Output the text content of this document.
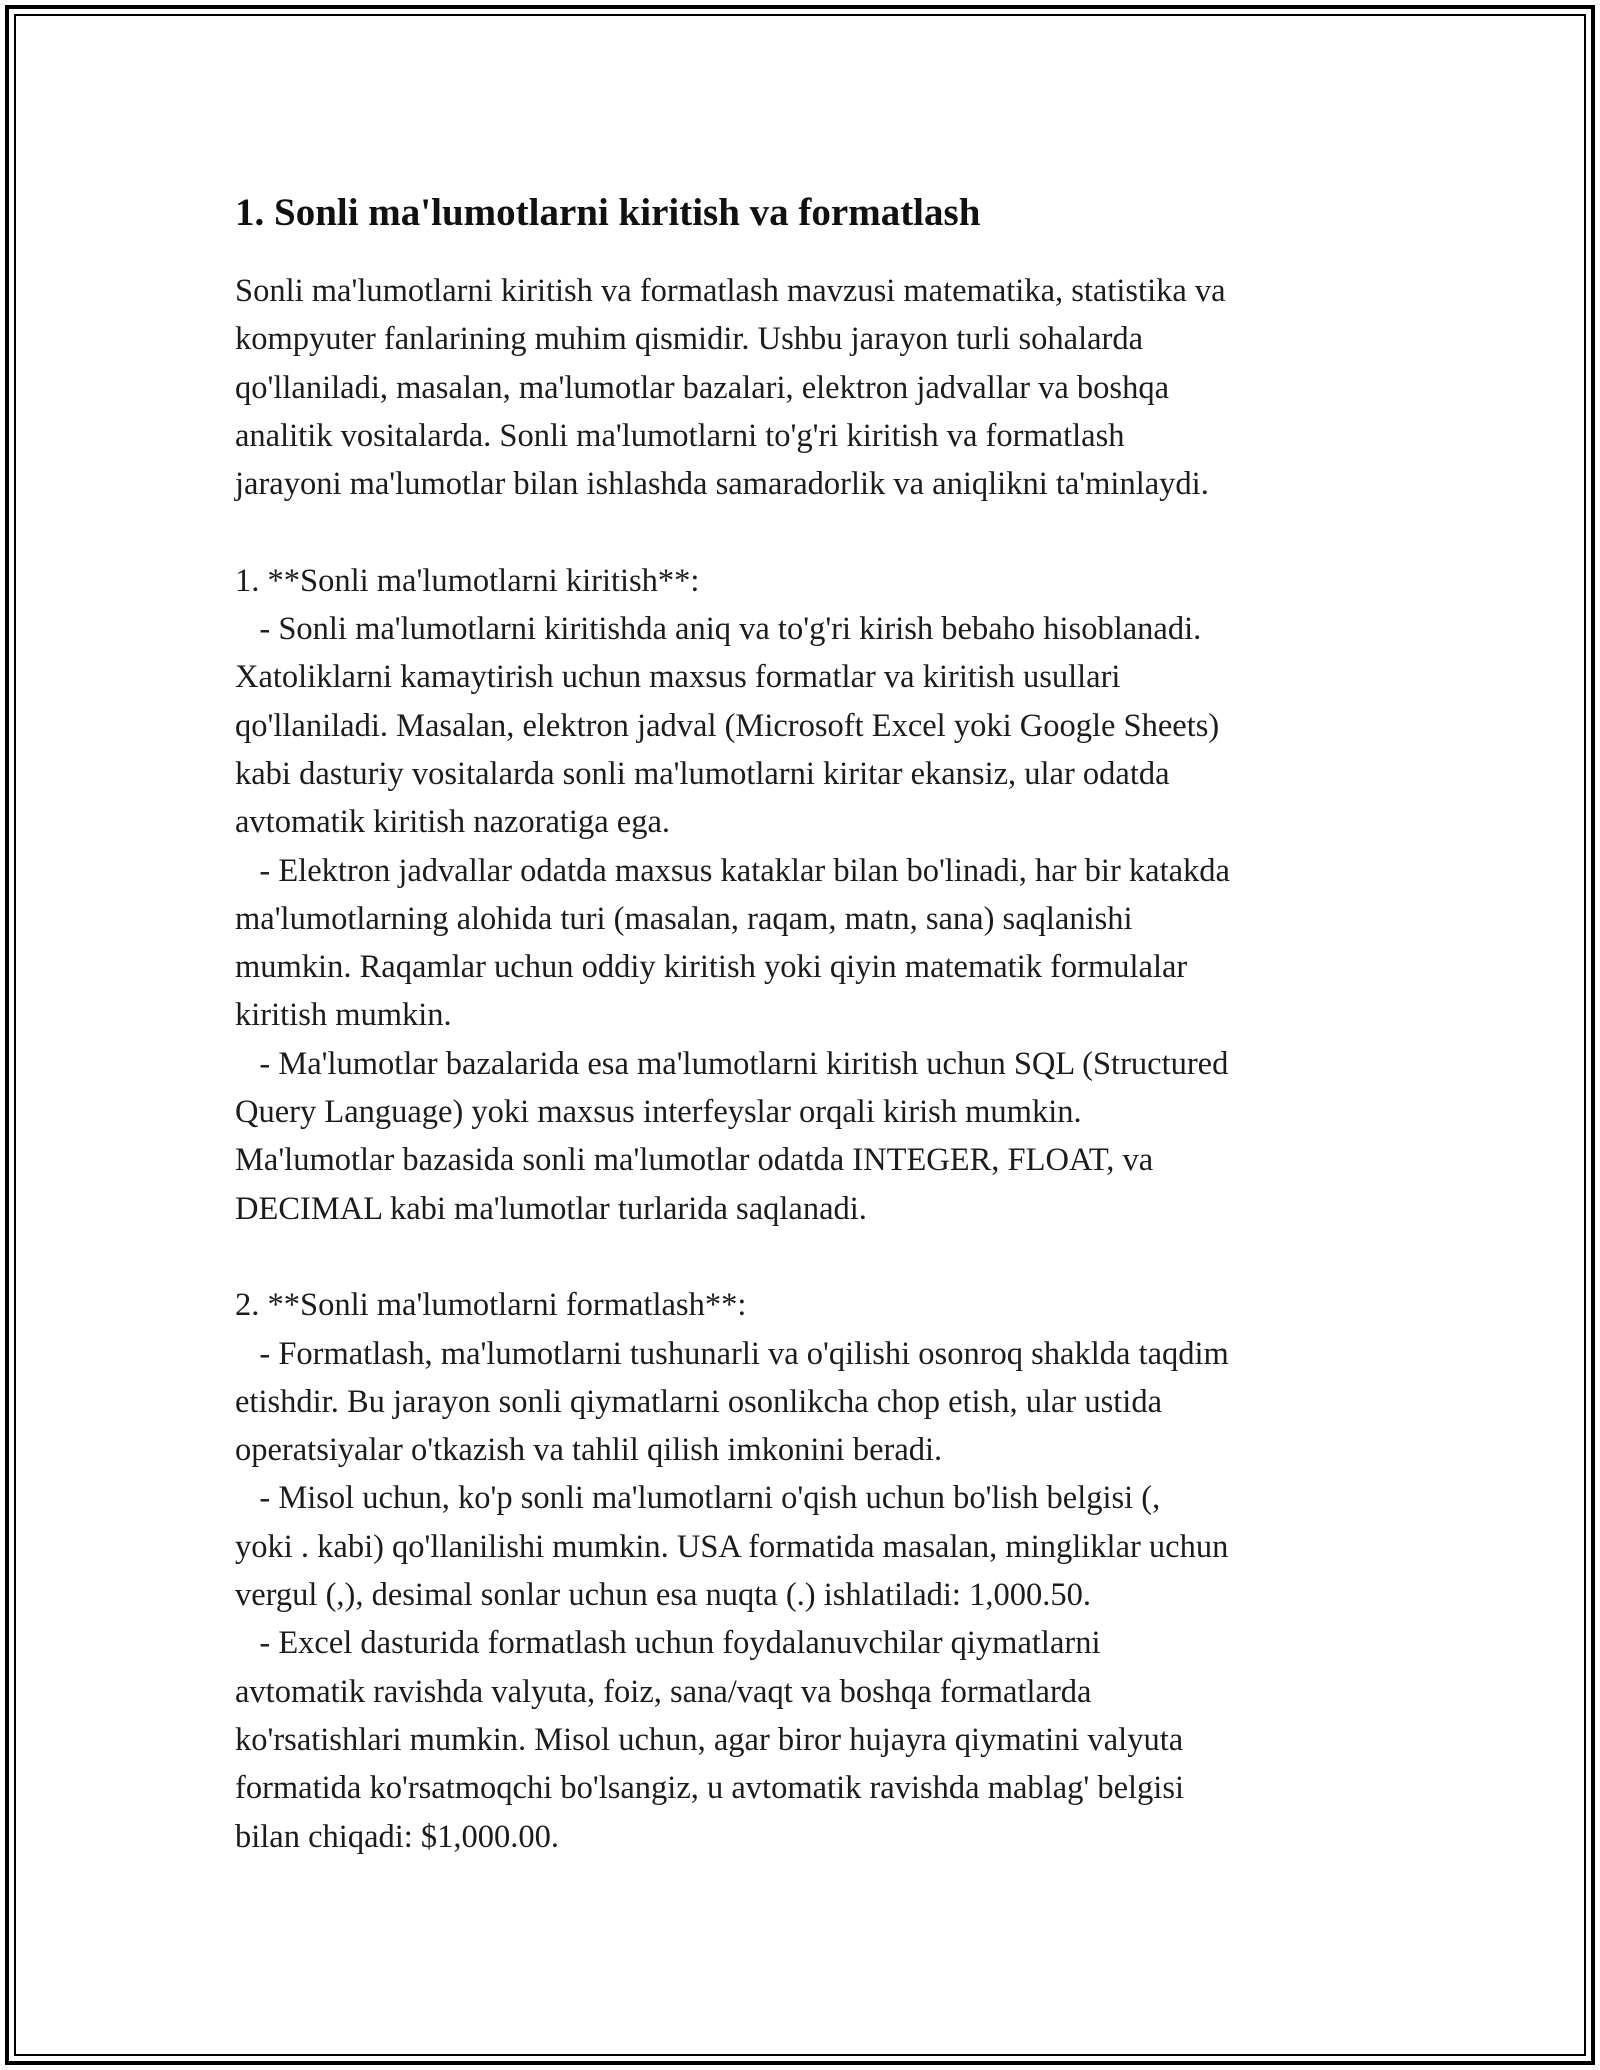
1. Sonli ma'lumotlarni kiritish va formatlash
Sonli ma'lumotlarni kiritish va formatlash mavzusi matematika, statistika va
kompyuter fanlarining muhim qismidir. Ushbu jarayon turli sohalarda
qo'llaniladi, masalan, ma'lumotlar bazalari, elektron jadvallar va boshqa
analitik vositalarda. Sonli ma'lumotlarni to'g'ri kiritish va formatlash
jarayoni ma'lumotlar bilan ishlashda samaradorlik va aniqlikni ta'minlaydi.

1. **Sonli ma'lumotlarni kiritish**:
- Sonli ma'lumotlarni kiritishda aniq va to'g'ri kirish bebaho hisoblanadi.
Xatoliklarni kamaytirish uchun maxsus formatlar va kiritish usullari
qo'llaniladi. Masalan, elektron jadval (Microsoft Excel yoki Google Sheets)
kabi dasturiy vositalarda sonli ma'lumotlarni kiritar ekansiz, ular odatda
avtomatik kiritish nazoratiga ega.
- Elektron jadvallar odatda maxsus kataklar bilan bo'linadi, har bir katakda
ma'lumotlarning alohida turi (masalan, raqam, matn, sana) saqlanishi
mumkin. Raqamlar uchun oddiy kiritish yoki qiyin matematik formulalar
kiritish mumkin.
- Ma'lumotlar bazalarida esa ma'lumotlarni kiritish uchun SQL (Structured
Query Language) yoki maxsus interfeyslar orqali kirish mumkin.
Ma'lumotlar bazasida sonli ma'lumotlar odatda INTEGER, FLOAT, va
DECIMAL kabi ma'lumotlar turlarida saqlanadi.

2. **Sonli ma'lumotlarni formatlash**:
- Formatlash, ma'lumotlarni tushunarli va o'qilishi osonroq shaklda taqdim
etishdir. Bu jarayon sonli qiymatlarni osonlikcha chop etish, ular ustida
operatsiyalar o'tkazish va tahlil qilish imkonini beradi.
- Misol uchun, ko'p sonli ma'lumotlarni o'qish uchun bo'lish belgisi (,
yoki . kabi) qo'llanilishi mumkin. USA formatida masalan, mingliklar uchun
vergul (,), desimal sonlar uchun esa nuqta (.) ishlatiladi: 1,000.50.
- Excel dasturida formatlash uchun foydalanuvchilar qiymatlarni
avtomatik ravishda valyuta, foiz, sana/vaqt va boshqa formatlarda
ko'rsatishlari mumkin. Misol uchun, agar biror hujayra qiymatini valyuta
formatida ko'rsatmoqchi bo'lsangiz, u avtomatik ravishda mablag' belgisi
bilan chiqadi: $1,000.00.
